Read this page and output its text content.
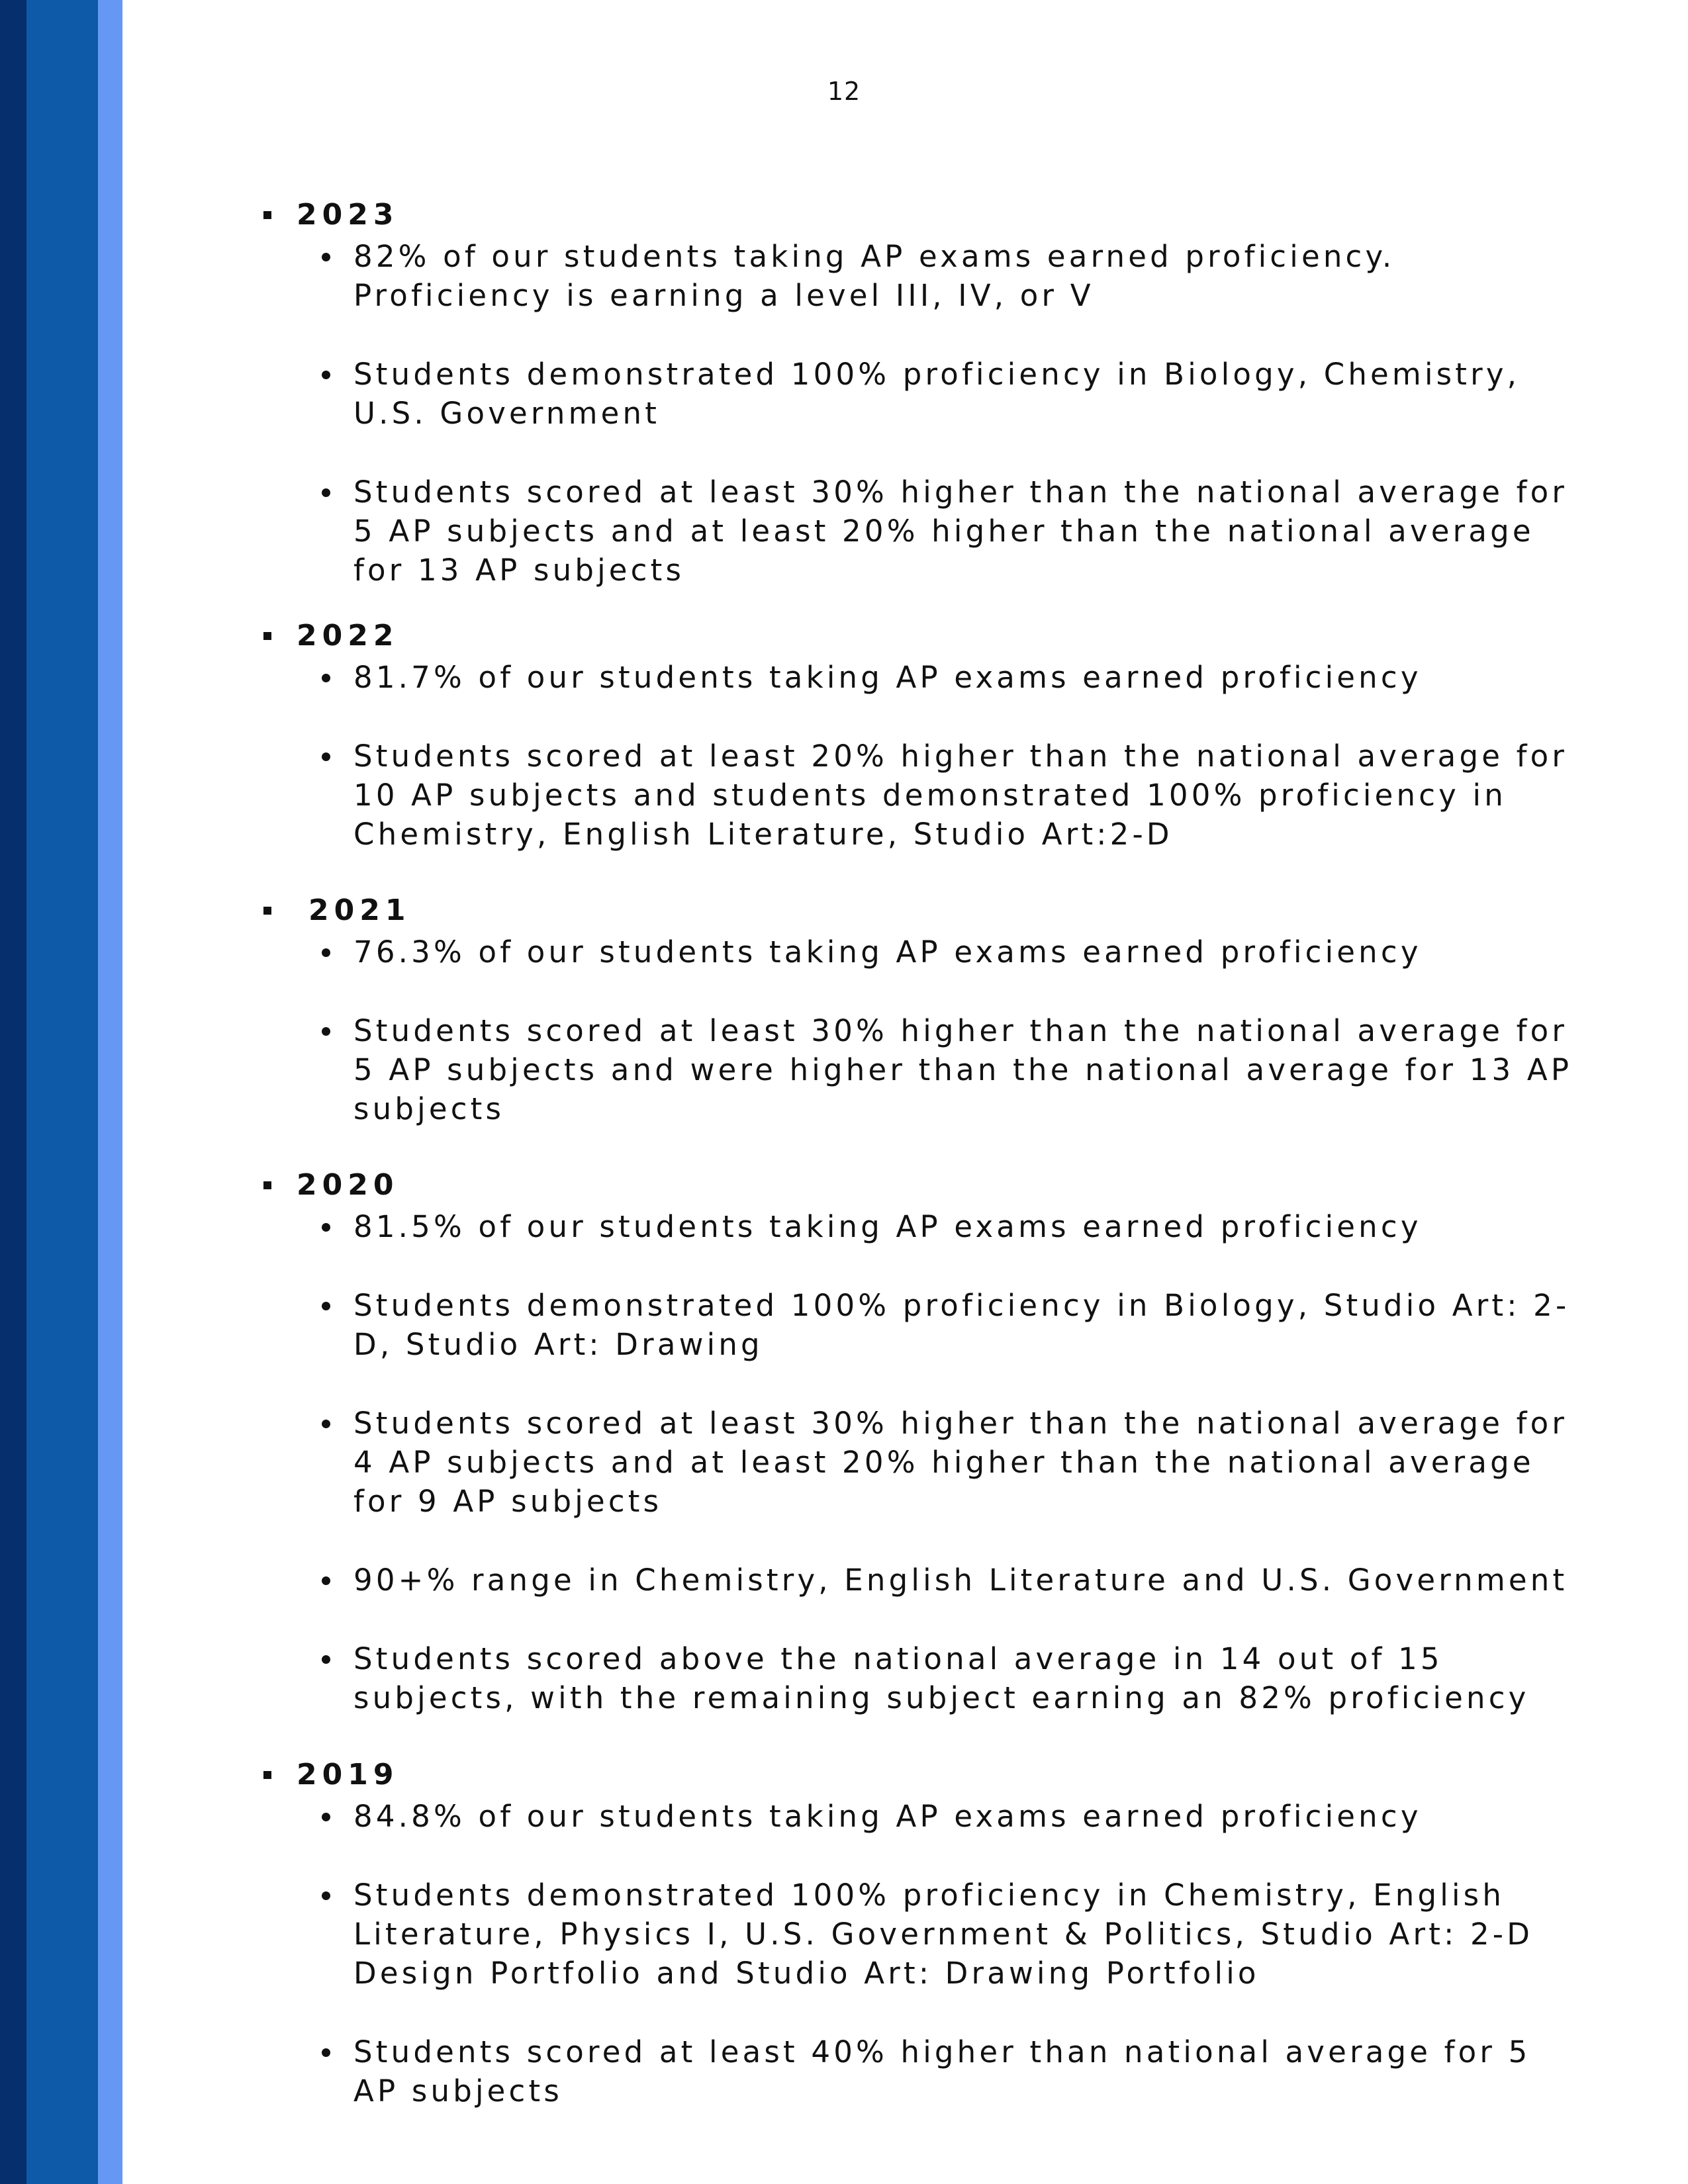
12
2023
82% of our students taking AP exams earned proficiency.
Proficiency is earning a level III, IV, or V
Students demonstrated 100% proficiency in Biology, Chemistry,
U.S. Government
Students scored at least 30% higher than the national average for
5 AP subjects and at least 20% higher than the national average
for 13 AP subjects
2022
81.7% of our students taking AP exams earned proficiency
Students scored at least 20% higher than the national average for
10 AP subjects and students demonstrated 100% proficiency in
Chemistry, English Literature, Studio Art:2-D
2021
76.3% of our students taking AP exams earned proficiency
Students scored at least 30% higher than the national average for
5 AP subjects and were higher than the national average for 13 AP
subjects
2020
81.5% of our students taking AP exams earned proficiency
Students demonstrated 100% proficiency in Biology, Studio Art: 2-
D, Studio Art: Drawing
Students scored at least 30% higher than the national average for
4 AP subjects and at least 20% higher than the national average
for 9 AP subjects
90+% range in Chemistry, English Literature and U.S. Government
Students scored above the national average in 14 out of 15
subjects, with the remaining subject earning an 82% proficiency
2019
84.8% of our students taking AP exams earned proficiency
Students demonstrated 100% proficiency in Chemistry, English
Literature, Physics I, U.S. Government & Politics, Studio Art: 2-D
Design Portfolio and Studio Art: Drawing Portfolio
Students scored at least 40% higher than national average for 5
AP subjects
